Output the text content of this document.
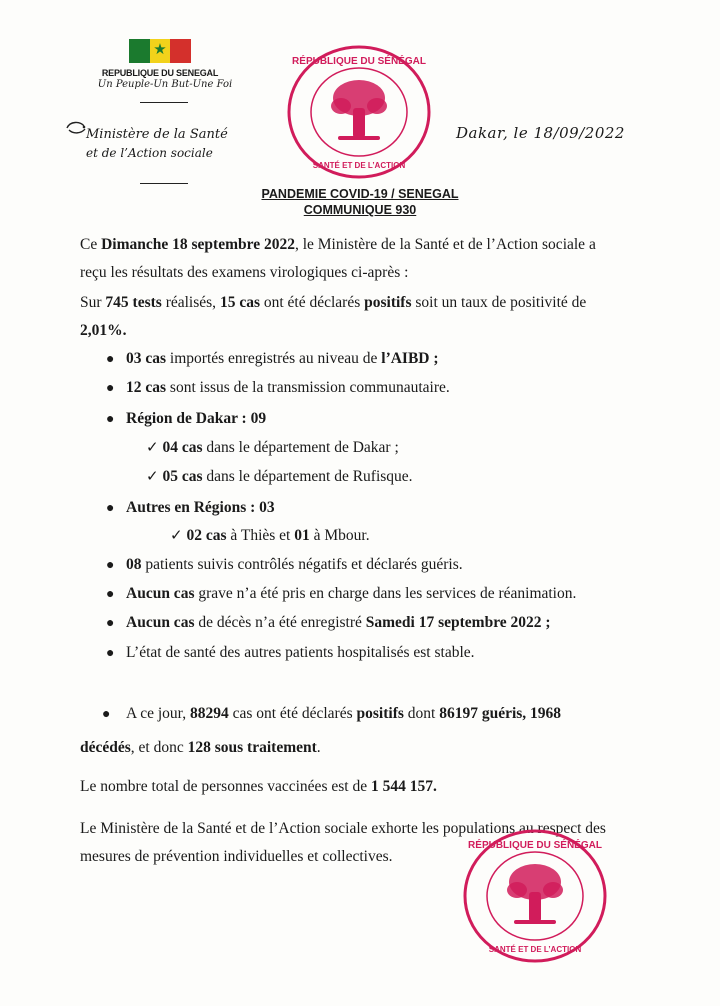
★
REPUBLIQUE DU SENEGAL
Un Peuple-Un But-Une Foi
Ministère de la Santé
et de l’Action sociale
RÉPUBLIQUE DU SÉNÉGAL
SANTÉ ET DE L’ACTION
Dakar, le 18/09/2022
PANDEMIE COVID-19 / SENEGAL
COMMUNIQUE 930
Ce Dimanche 18 septembre 2022, le Ministère de la Santé et de l’Action sociale a
reçu les résultats des examens virologiques ci-après :
Sur 745 tests réalisés, 15 cas ont été déclarés positifs soit un taux de positivité de
2,01%.
● 03 cas importés enregistrés au niveau de l’AIBD ;
● 12 cas sont issus de la transmission communautaire.
● Région de Dakar : 09
✓ 04 cas dans le département de Dakar ;
✓ 05 cas dans le département de Rufisque.
● Autres en Régions : 03
✓ 02 cas à Thiès et 01 à Mbour.
● 08 patients suivis contrôlés négatifs et déclarés guéris.
● Aucun cas grave n’a été pris en charge dans les services de réanimation.
● Aucun cas de décès n’a été enregistré Samedi 17 septembre 2022 ;
● L’état de santé des autres patients hospitalisés est stable.
● A ce jour, 88294 cas ont été déclarés positifs dont 86197 guéris, 1968
décédés, et donc 128 sous traitement.
Le nombre total de personnes vaccinées est de 1 544 157.
Le Ministère de la Santé et de l’Action sociale exhorte les populations au respect des
mesures de prévention individuelles et collectives.
RÉPUBLIQUE DU SÉNÉGAL
SANTÉ ET DE L’ACTION
